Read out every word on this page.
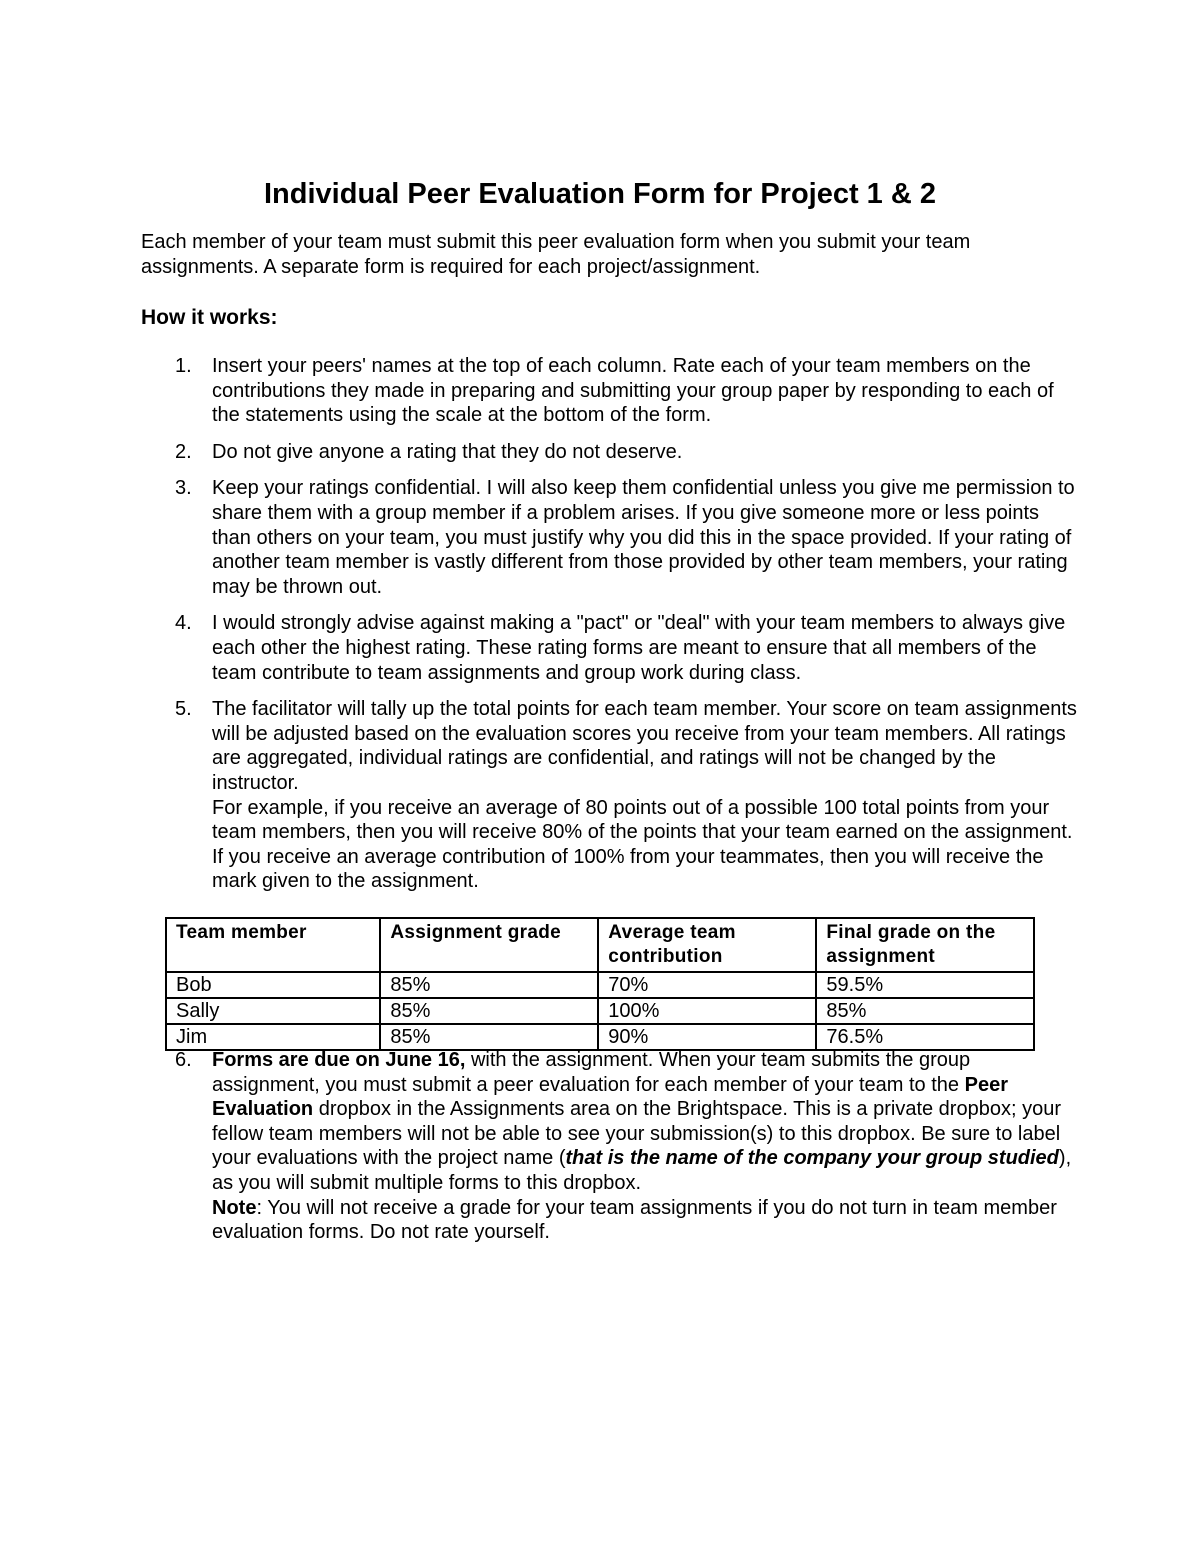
Individual Peer Evaluation Form for Project 1 & 2

Each member of your team must submit this peer evaluation form when you submit your team assignments. A separate form is required for each project/assignment.

How it works:
1. Insert your peers' names at the top of each column. Rate each of your team members on the contributions they made in preparing and submitting your group paper by responding to each of the statements using the scale at the bottom of the form.
2. Do not give anyone a rating that they do not deserve.
3. Keep your ratings confidential. I will also keep them confidential unless you give me permission to share them with a group member if a problem arises. If you give someone more or less points than others on your team, you must justify why you did this in the space provided. If your rating of another team member is vastly different from those provided by other team members, your rating may be thrown out.
4. I would strongly advise against making a "pact" or "deal" with your team members to always give each other the highest rating. These rating forms are meant to ensure that all members of the team contribute to team assignments and group work during class.
5. The facilitator will tally up the total points for each team member. Your score on team assignments will be adjusted based on the evaluation scores you receive from your team members. All ratings are aggregated, individual ratings are confidential, and ratings will not be changed by the instructor.
For example, if you receive an average of 80 points out of a possible 100 total points from your team members, then you will receive 80% of the points that your team earned on the assignment. If you receive an average contribution of 100% from your teammates, then you will receive the mark given to the assignment.
Team member	Assignment grade	Average team contribution	Final grade on the assignment
Bob	85%	70%	59.5%
Sally	85%	100%	85%
Jim	85%	90%	76.5%
6. Forms are due on June 16, with the assignment. When your team submits the group assignment, you must submit a peer evaluation for each member of your team to the Peer Evaluation dropbox in the Assignments area on the Brightspace. This is a private dropbox; your fellow team members will not be able to see your submission(s) to this dropbox. Be sure to label your evaluations with the project name (that is the name of the company your group studied), as you will submit multiple forms to this dropbox.
Note: You will not receive a grade for your team assignments if you do not turn in team member evaluation forms. Do not rate yourself.
